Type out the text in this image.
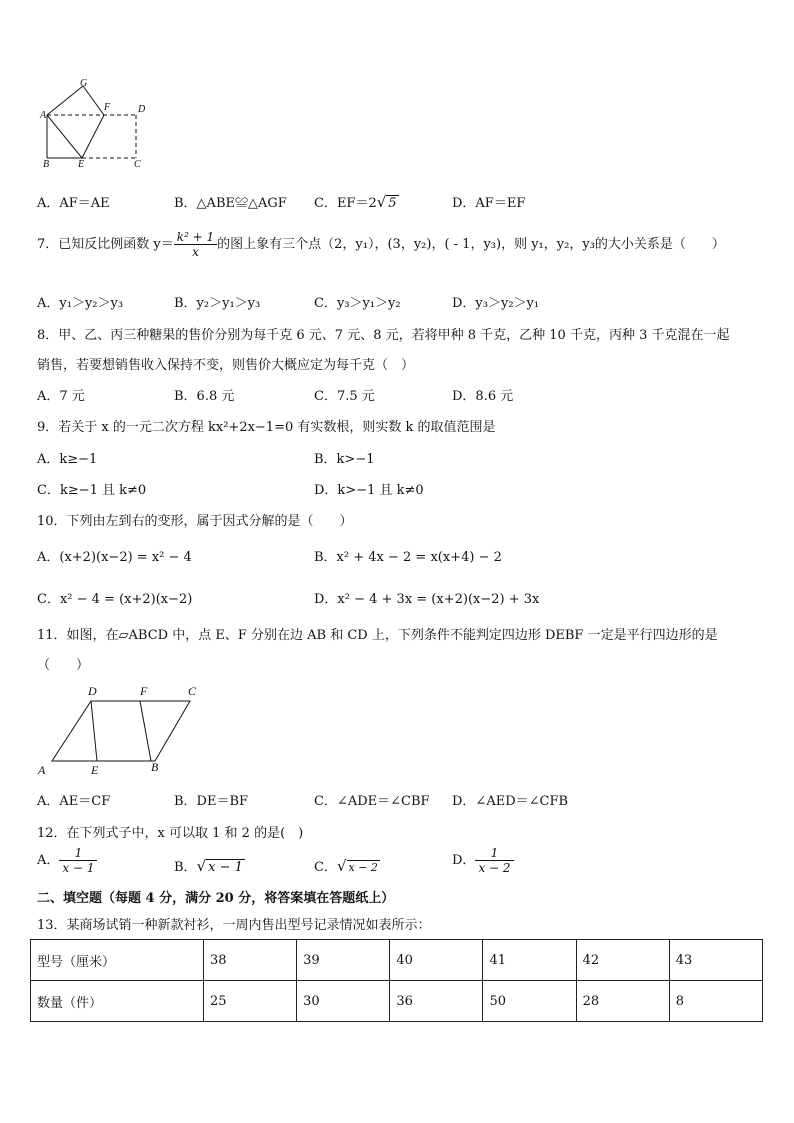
G
A
F	D
B	E	C
A．AF＝AE	B．△ABE≌△AGF C．EF＝2√ 5	D．AF＝EF
7．已知反比例函数 $y= \frac{\text{k² + 1}}{x}$ 的图上象有三个点（2，y₁），(3，y₂)，( - 1，y₃)，则 y₁，y₂，y₃的大小关系是（　　）
A．y₁＞y₂＞y₃	B．y₂＞y₁＞y₃	C．y₃＞y₁＞y₂	D．y₃＞y₂＞y₁
8．甲、乙、丙三种糖果的售价分别为每千克 6 元、7 元、8 元，若将甲种 8 千克，乙种 10 千克，丙种 3 千克混在一起
销售，若要想销售收入保持不变，则售价大概应定为每千克（　）
A．7 元	B．6.8 元	C．7.5 元	D．8.6 元
9．若关于 x 的一元二次方程 kx²+2x−1=0 有实数根，则实数 k 的取值范围是
A．k≥−1	B．k>−1
C．k≥−1 且 k≠0	D．k>−1 且 k≠0
10．下列由左到右的变形，属于因式分解的是（　　）
A．(x+2)(x−2) = x² − 4	B．x² + 4x − 2 = x(x+4) − 2
C．x² − 4 = (x+2)(x−2)	D．x² − 4 + 3x = (x+2)(x−2) + 3x
11．如图，在▱ABCD 中，点 E、F 分别在边 AB 和 CD 上，下列条件不能判定四边形 DEBF 一定是平行四边形的是
（　　）
D	F	C
A	E	B
A．AE＝CF	B．DE＝BF	C．∠ADE＝∠CBF D．∠AED＝∠CFB
12．在下列式子中，x 可以取 1 和 2 的是(　)
A． $\frac{1}{x - 1}$	B．√ x − 1	C．√ x − 2	D． $\frac{1}{x - 2}$
二、填空题（每题 4 分，满分 20 分，将答案填在答题纸上）
13．某商场试销一种新款衬衫，一周内售出型号记录情况如表所示：
型号（厘米）	38	39	40	41	42	43
数量（件）	25	30	36	50	28	8
